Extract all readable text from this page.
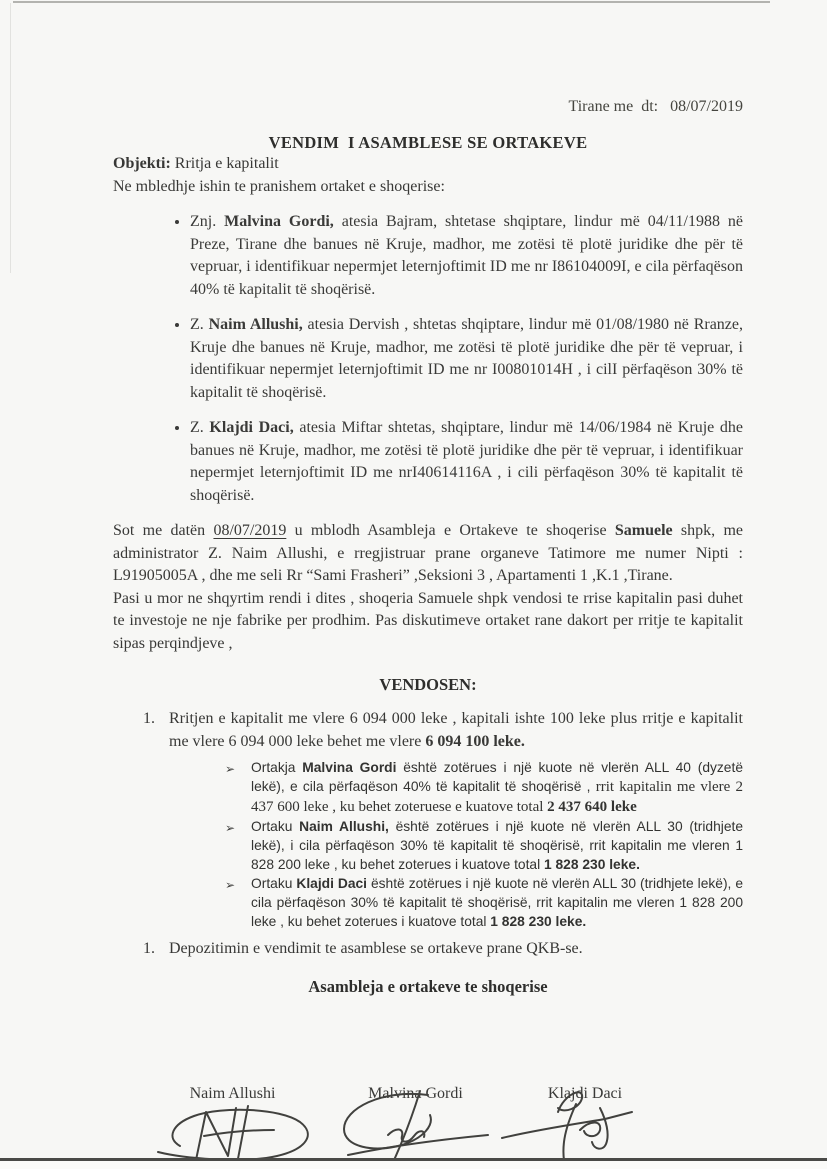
Tirane me  dt:   08/07/2019
VENDIM  I ASAMBLESE SE ORTAKEVE

Objekti: Rritja e kapitalit

Ne mbledhje ishin te pranishem ortaket e shoqerise:

• Znj. Malvina Gordi, atesia Bajram, shtetase shqiptare, lindur më 04/11/1988 në Preze, Tirane dhe banues në Kruje, madhor, me zotësi të plotë juridike dhe për të vepruar, i identifikuar nepermjet leternjoftimit ID me nr I86104009I, e cila përfaqëson 40% të kapitalit të shoqërisë.
• Z. Naim Allushi, atesia Dervish , shtetas shqiptare, lindur më 01/08/1980 në Rranze, Kruje dhe banues në Kruje, madhor, me zotësi të plotë juridike dhe për të vepruar, i identifikuar nepermjet leternjoftimit ID me nr I00801014H , i cilI përfaqëson 30% të kapitalit të shoqërisë.
• Z. Klajdi Daci, atesia Miftar shtetas, shqiptare, lindur më 14/06/1984 në Kruje dhe banues në Kruje, madhor, me zotësi të plotë juridike dhe për të vepruar, i identifikuar nepermjet leternjoftimit ID me nrI40614116A , i cili përfaqëson 30% të kapitalit të shoqërisë.

Sot me datën 08/07/2019 u mblodh Asambleja e Ortakeve te shoqerise Samuele shpk, me administrator Z. Naim Allushi, e rregjistruar prane organeve Tatimore me numer Nipti : L91905005A , dhe me seli Rr “Sami Frasheri” ,Seksioni 3 , Apartamenti 1 ,K.1 ,Tirane.

Pasi u mor ne shqyrtim rendi i dites , shoqeria Samuele shpk vendosi te rrise kapitalin pasi duhet te investoje ne nje fabrike per prodhim. Pas diskutimeve ortaket rane dakort per rritje te kapitalit sipas perqindjeve ,

VENDOSEN:
1. Rritjen e kapitalit me vlere 6 094 000 leke , kapitali ishte 100 leke plus rritje e kapitalit me vlere 6 094 000 leke behet me vlere 6 094 100 leke.
➢	Ortakja Malvina Gordi është zotërues i një kuote në vlerën ALL 40 (dyzetë lekë), e cila përfaqëson 40% të kapitalit të shoqërisë , rrit kapitalin me vlere 2 437 600 leke , ku behet zoteruese e kuatove total 2 437 640 leke
➢	Ortaku Naim Allushi, është zotërues i një kuote në vlerën ALL 30 (tridhjete lekë), i cila përfaqëson 30% të kapitalit të shoqërisë, rrit kapitalin me vleren 1 828 200 leke , ku behet zoterues i kuatove total 1 828 230 leke.
➢	Ortaku Klajdi Daci është zotërues i një kuote në vlerën ALL 30 (tridhjete lekë), e cila përfaqëson 30% të kapitalit të shoqërisë, rrit kapitalin me vleren 1 828 200 leke , ku behet zoterues i kuatove total 1 828 230 leke.
1. Depozitimin e vendimit te asamblese se ortakeve prane QKB-se.
Asambleja e ortakeve te shoqerise
Naim Allushi	Malvina Gordi	Klajdi Daci
